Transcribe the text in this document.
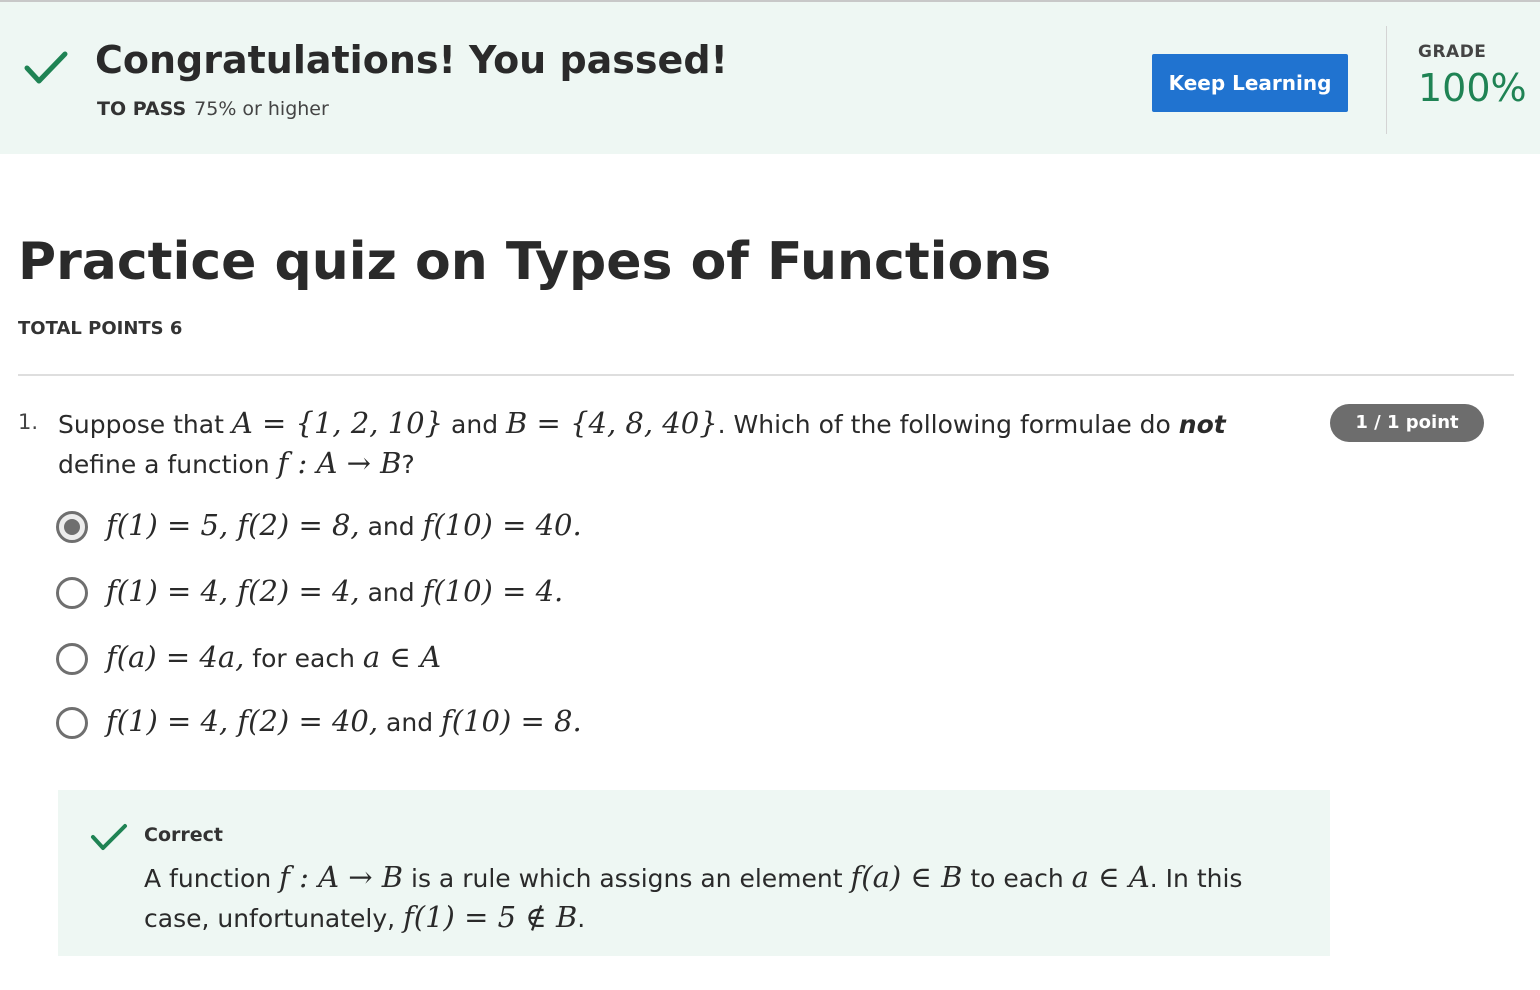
Congratulations! You passed!
TO PASS 75% or higher
Keep Learning
GRADE
100%
Practice quiz on Types of Functions
TOTAL POINTS 6
1. Suppose that A = {1, 2, 10} and B = {4, 8, 40}. Which of the following formulae do not define a function f : A → B?
1 / 1 point
f(1) = 5, f(2) = 8, and f(10) = 40.
f(1) = 4, f(2) = 4, and f(10) = 4.
f(a) = 4a, for each a ∈ A
f(1) = 4, f(2) = 40, and f(10) = 8.
Correct
A function f : A → B is a rule which assigns an element f(a) ∈ B to each a ∈ A. In this case, unfortunately, f(1) = 5 ∉ B.
